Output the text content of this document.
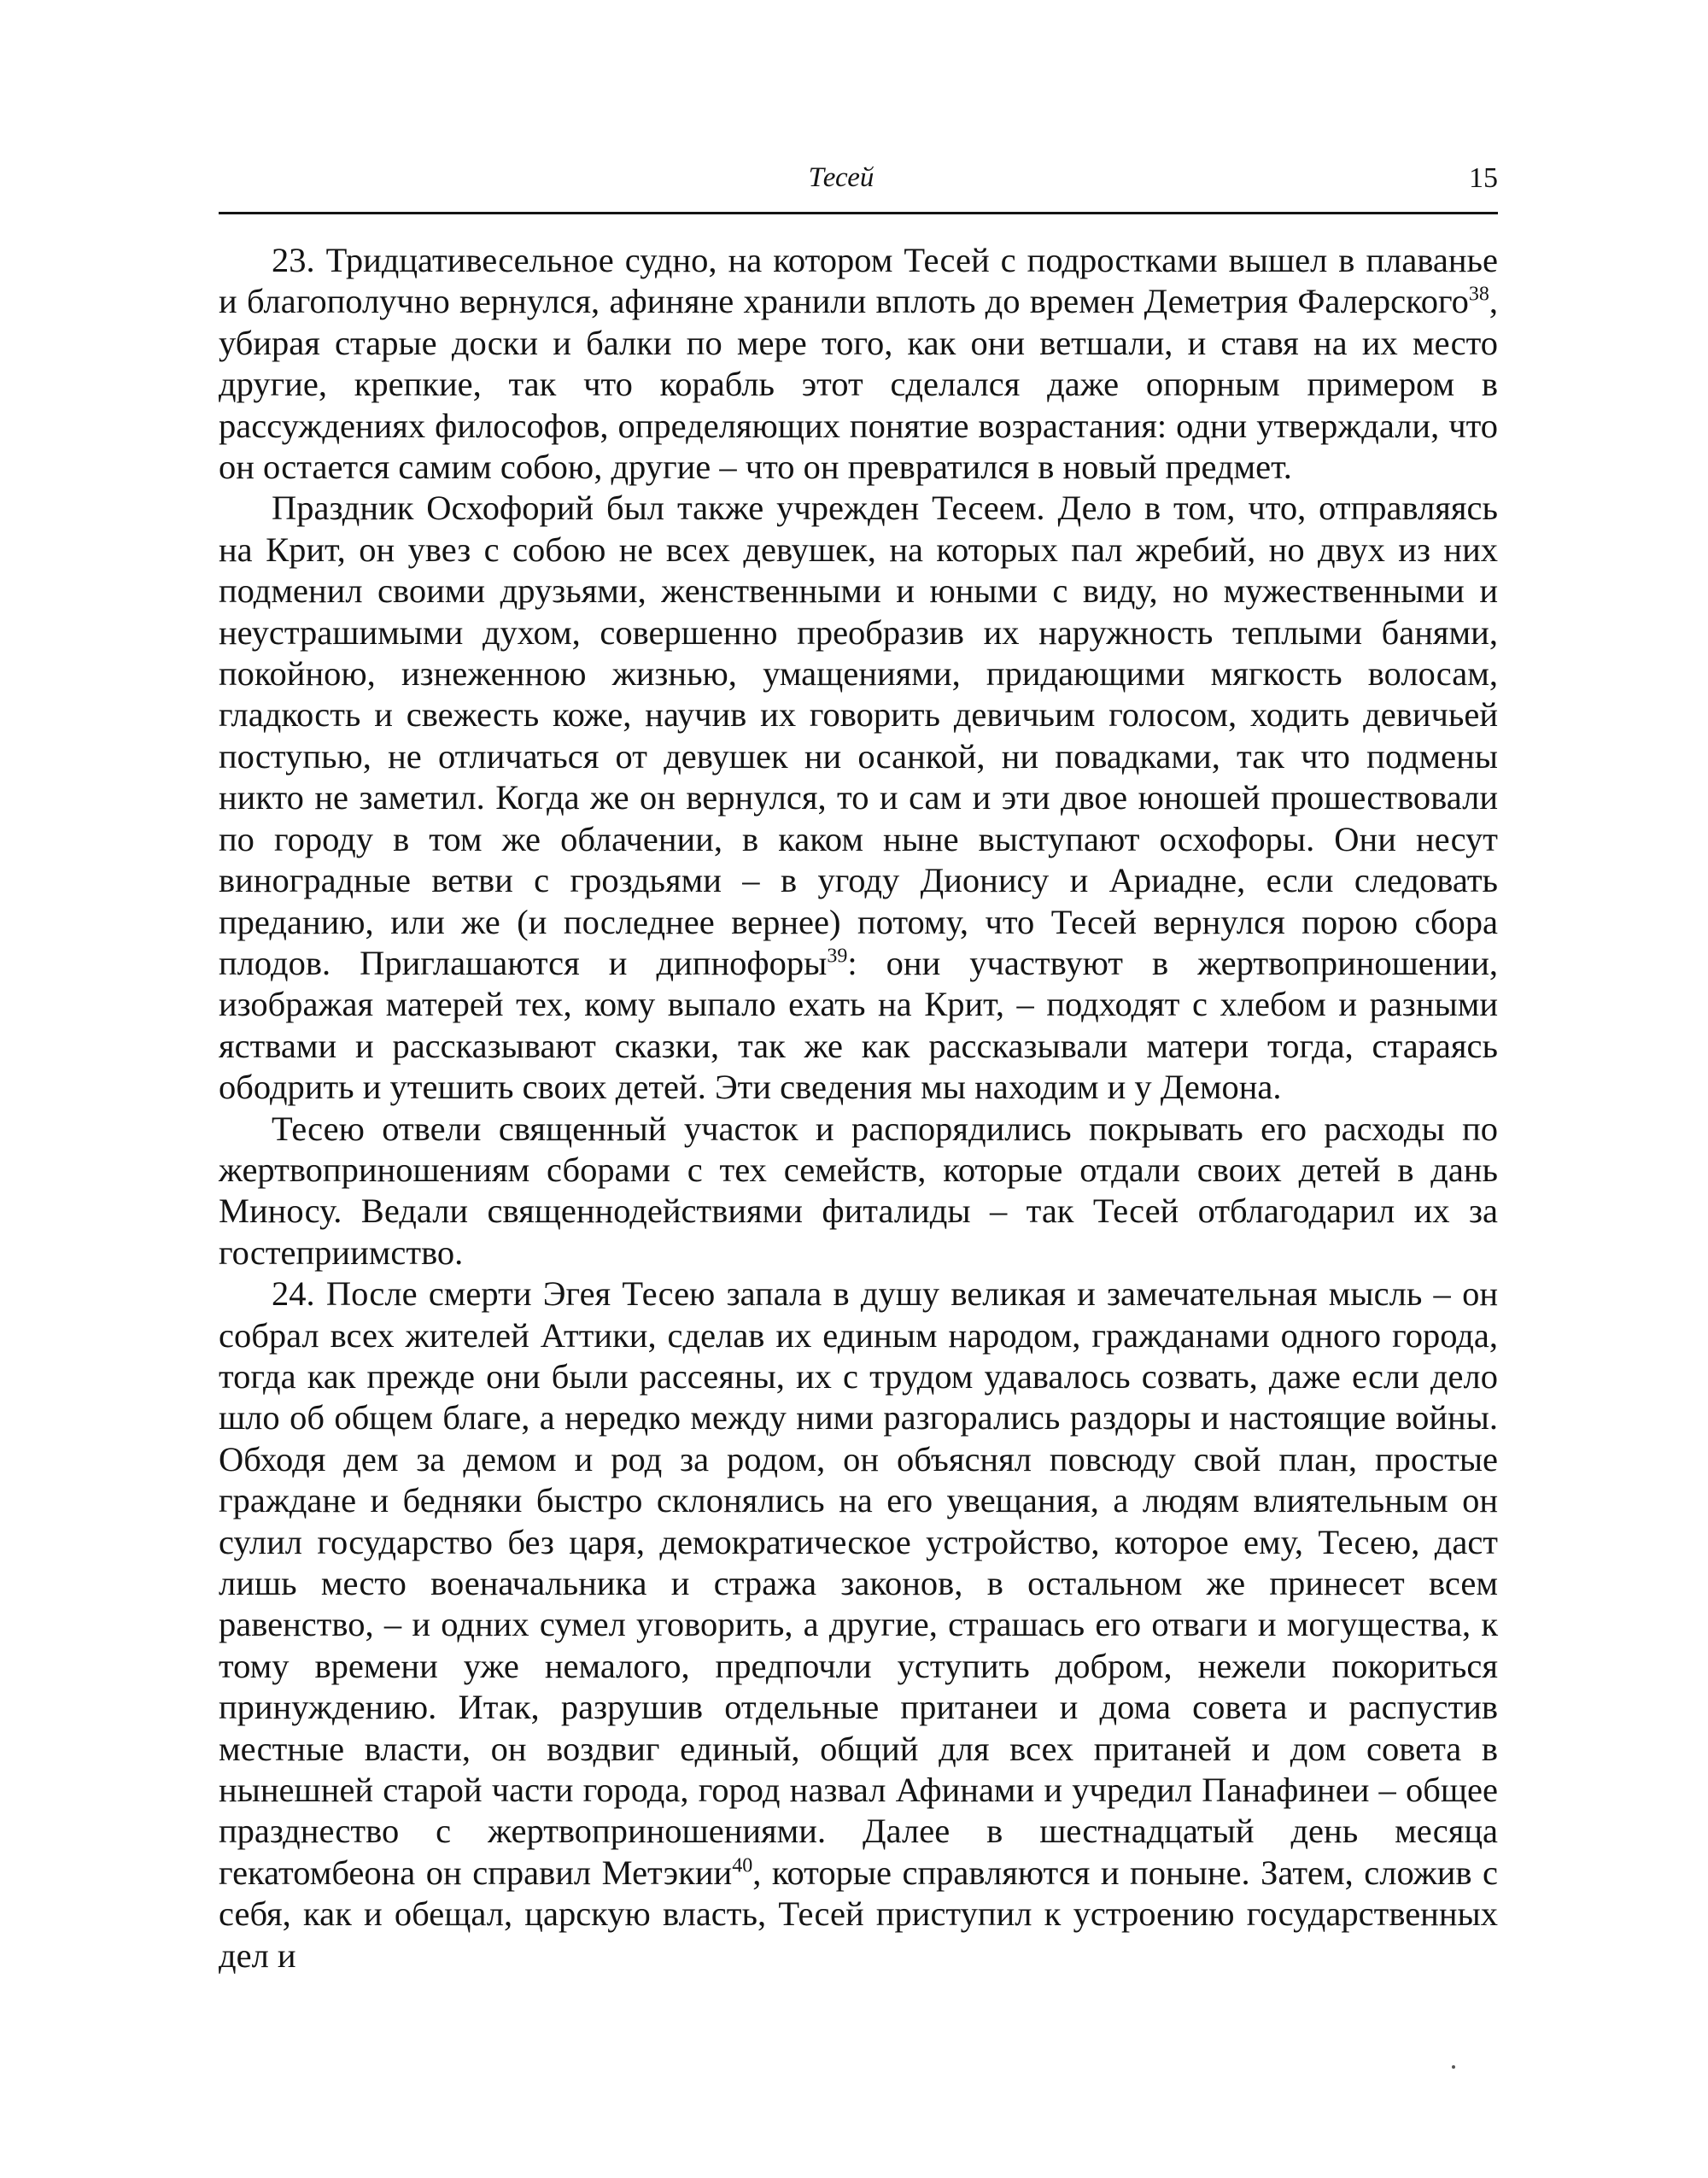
Тесей	15

23. Тридцативесельное судно, на котором Тесей с подростками вышел в плаванье и благополучно вернулся, афиняне хранили вплоть до времен Деметрия Фалерского$^{38}$, убирая старые доски и балки по мере того, как они ветшали, и ставя на их место другие, крепкие, так что корабль этот сделался даже опорным примером в рассуждениях философов, определяющих понятие возрастания: одни утверждали, что он остается самим собою, другие – что он превратился в новый предмет.

Праздник Осхофорий был также учрежден Тесеем. Дело в том, что, отправляясь на Крит, он увез с собою не всех девушек, на которых пал жребий, но двух из них подменил своими друзьями, женственными и юными с виду, но мужественными и неустрашимыми духом, совершенно преобразив их наружность теплыми банями, покойною, изнеженною жизнью, умащениями, придающими мягкость волосам, гладкость и свежесть коже, научив их говорить девичьим голосом, ходить девичьей поступью, не отличаться от девушек ни осанкой, ни повадками, так что подмены никто не заметил. Когда же он вернулся, то и сам и эти двое юношей прошествовали по городу в том же облачении, в каком ныне выступают осхофоры. Они несут виноградные ветви с гроздьями – в угоду Дионису и Ариадне, если следовать преданию, или же (и последнее вернее) потому, что Тесей вернулся порою сбора плодов. Приглашаются и дипнофоры$^{39}$: они участвуют в жертвоприношении, изображая матерей тех, кому выпало ехать на Крит, – подходят с хлебом и разными яствами и рассказывают сказки, так же как рассказывали матери тогда, стараясь ободрить и утешить своих детей. Эти сведения мы находим и у Демона.

Тесею отвели священный участок и распорядились покрывать его расходы по жертвоприношениям сборами с тех семейств, которые отдали своих детей в дань Миносу. Ведали священнодействиями фиталиды – так Тесей отблагодарил их за гостеприимство.

24. После смерти Эгея Тесею запала в душу великая и замечательная мысль – он собрал всех жителей Аттики, сделав их единым народом, гражданами одного города, тогда как прежде они были рассеяны, их с трудом удавалось созвать, даже если дело шло об общем благе, а нередко между ними разгорались раздоры и настоящие войны. Обходя дем за демом и род за родом, он объяснял повсюду свой план, простые граждане и бедняки быстро склонялись на его увещания, а людям влиятельным он сулил государство без царя, демократическое устройство, которое ему, Тесею, даст лишь место военачальника и стража законов, в остальном же принесет всем равенство, – и одних сумел уговорить, а другие, страшась его отваги и могущества, к тому времени уже немалого, предпочли уступить добром, нежели покориться принуждению. Итак, разрушив отдельные пританеи и дома совета и распустив местные власти, он воздвиг единый, общий для всех пританей и дом совета в нынешней старой части города, город назвал Афинами и учредил Панафинеи – общее празднество с жертвоприношениями. Далее в шестнадцатый день месяца гекатомбеона он справил Метэкии$^{40}$, которые справляются и поныне. Затем, сложив с себя, как и обещал, царскую власть, Тесей приступил к устроению государственных дел и
